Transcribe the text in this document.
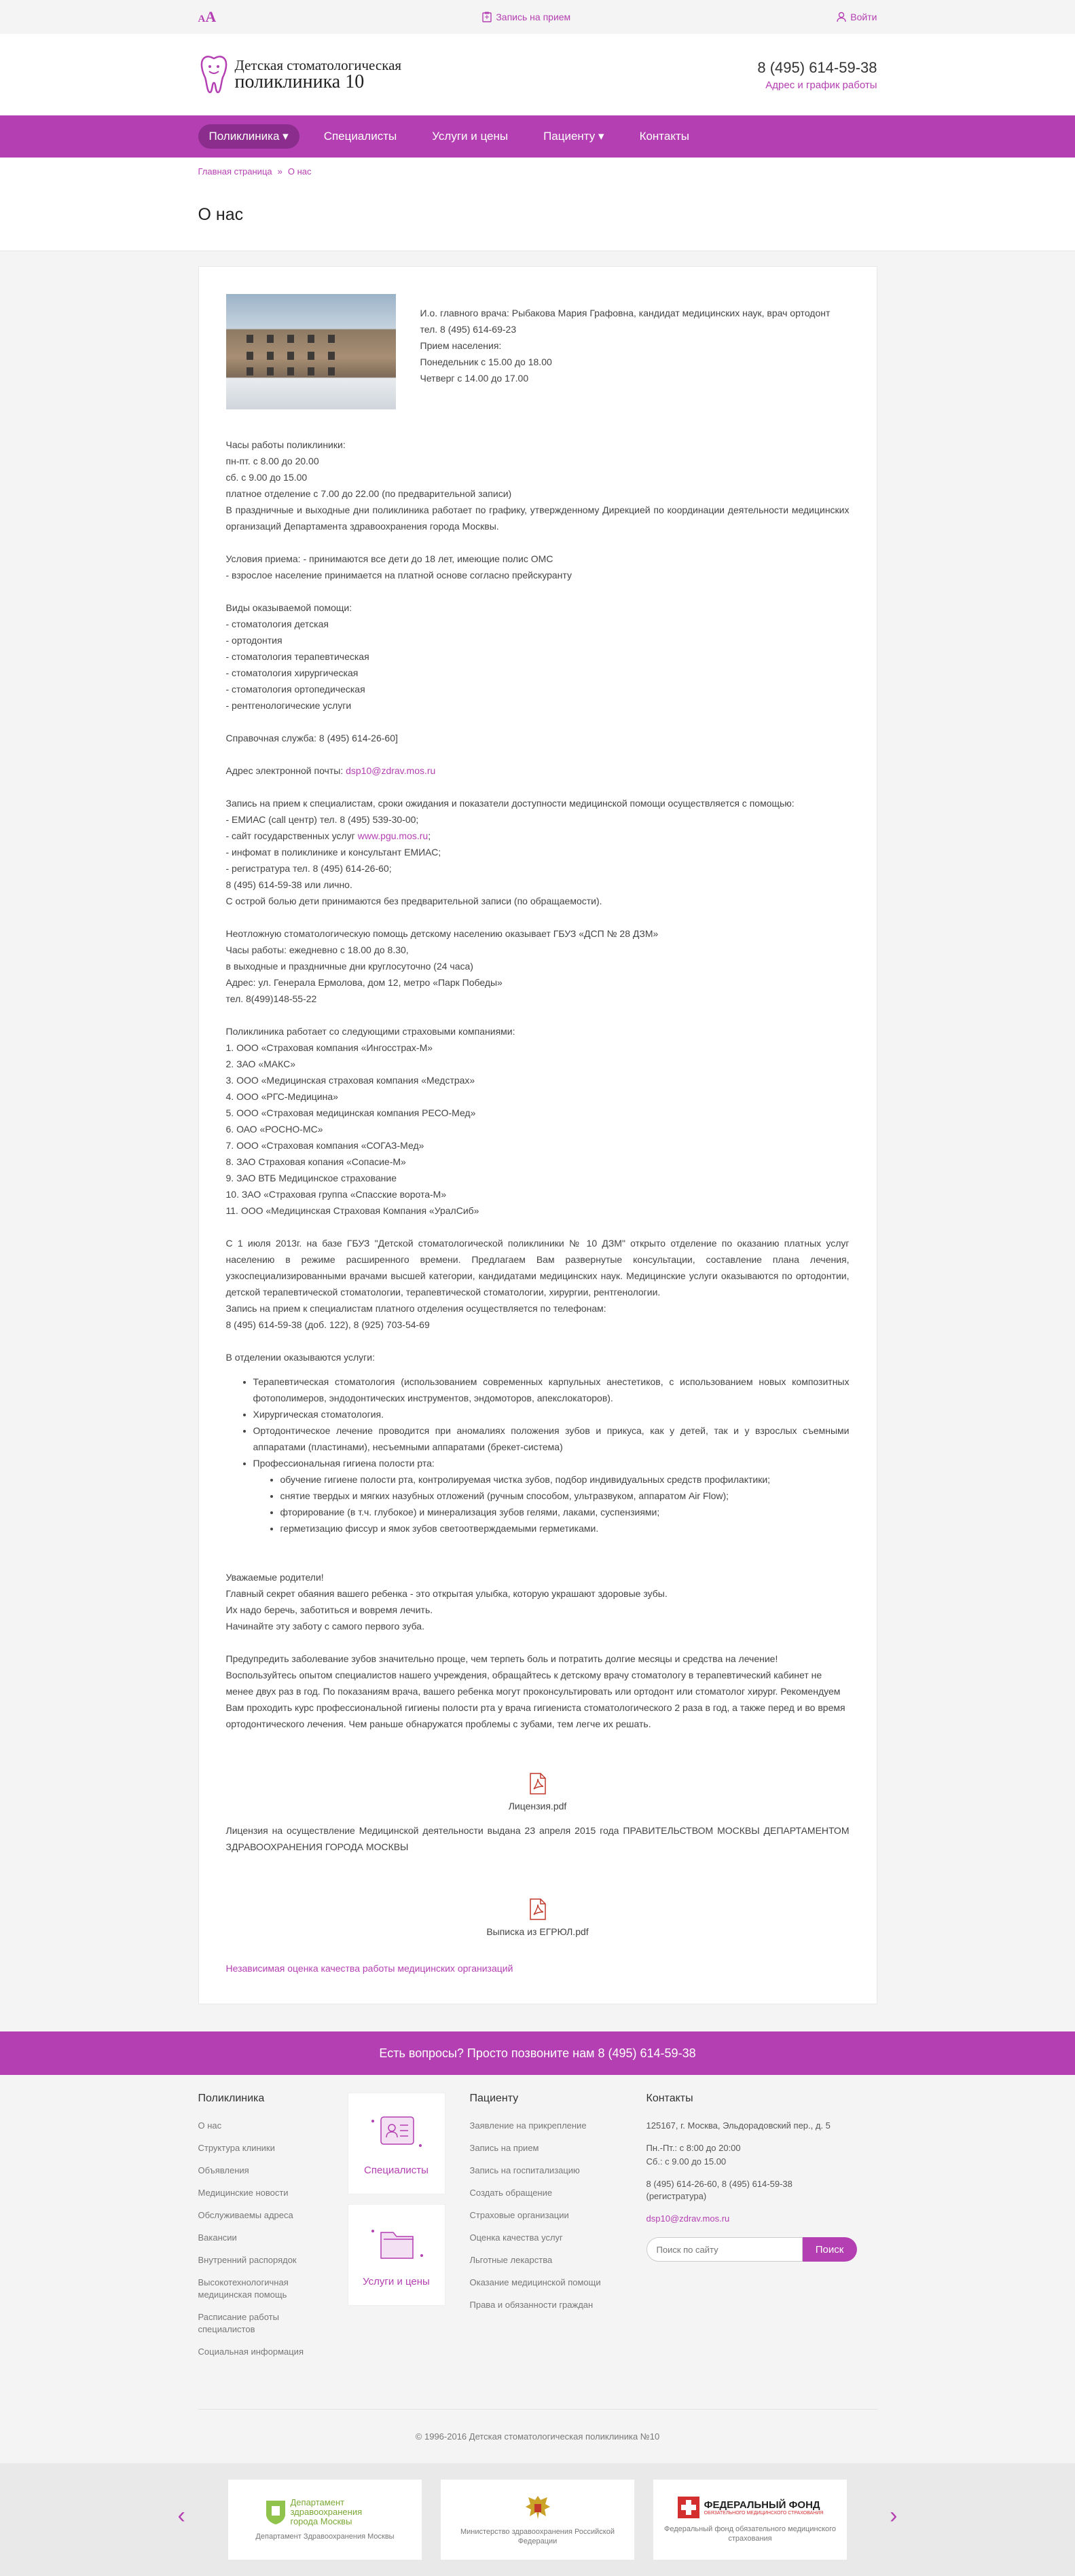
AA	Запись на прием	Войти
Детская стоматологическая
поликлиника 10
8 (495) 614-59-38
Адрес и график работы
Поликлиника ▾	Специалисты	Услуги и цены	Пациенту ▾	Контакты
Главная страница » О нас
О нас

И.о. главного врача: Рыбакова Мария Графовна, кандидат медицинских наук, врач ортодонт

тел. 8 (495) 614-69-23

Прием населения:

Понедельник с 15.00 до 18.00

Четверг с 14.00 до 17.00

Часы работы поликлиники:

пн-пт. с 8.00 до 20.00

сб. с 9.00 до 15.00

платное отделение с 7.00 до 22.00 (по предварительной записи)

В праздничные и выходные дни поликлиника работает по графику, утвержденному Дирекцией по координации деятельности медицинских организаций Департамента здравоохранения города Москвы.

Условия приема: - принимаются все дети до 18 лет, имеющие полис ОМС

- взрослое население принимается на платной основе согласно прейскуранту

Виды оказываемой помощи:

- стоматология детская

- ортодонтия

- стоматология терапевтическая

- стоматология хирургическая

- стоматология ортопедическая

- рентгенологические услуги

Справочная служба: 8 (495) 614-26-60]

Адрес электронной почты: dsp10@zdrav.mos.ru

Запись на прием к специалистам, сроки ожидания и показатели доступности медицинской помощи осуществляется с помощью:

- ЕМИАС (call центр) тел. 8 (495) 539-30-00;

- сайт государственных услуг www.pgu.mos.ru;

- инфомат в поликлинике и консультант ЕМИАС;

- регистратура тел. 8 (495) 614-26-60;

8 (495) 614-59-38 или лично.

С острой болью дети принимаются без предварительной записи (по обращаемости).

Неотложную стоматологическую помощь детскому населению оказывает ГБУЗ «ДСП № 28 ДЗМ»

Часы работы: ежедневно с 18.00 до 8.30,

в выходные и праздничные дни круглосуточно (24 часа)

Адрес: ул. Генерала Ермолова, дом 12, метро «Парк Победы»

тел. 8(499)148-55-22

Поликлиника работает со следующими страховыми компаниями:

1. ООО «Страховая компания «Ингосстрах-М»

2. ЗАО «МАКС»

3. ООО «Медицинская страховая компания «Медстрах»

4. ООО «РГС-Медицина»

5. ООО «Страховая медицинская компания РЕСО-Мед»

6. ОАО «РОСНО-МС»

7. ООО «Страховая компания «СОГАЗ-Мед»

8. ЗАО Страховая копания «Сопасие-М»

9. ЗАО ВТБ Медицинское страхование

10. ЗАО «Страховая группа «Спасские ворота-М»

11. ООО «Медицинская Страховая Компания «УралСиб»

С 1 июля 2013г. на базе ГБУЗ "Детской стоматологической поликлиники № 10 ДЗМ" открыто отделение по оказанию платных услуг населению в режиме расширенного времени. Предлагаем Вам развернутые консультации, составление плана лечения, узкоспециализированными врачами высшей категории, кандидатами медицинских наук. Медицинские услуги оказываются по ортодонтии, детской терапевтической стоматологии, терапевтической стоматологии, хирургии, рентгенологии.

Запись на прием к специалистам платного отделения осуществляется по телефонам:

8 (495) 614-59-38 (доб. 122), 8 (925) 703-54-69

В отделении оказываются услуги:

• Терапевтическая стоматология (использованием современных карпульных анестетиков, с использованием новых композитных фотополимеров, эндодонтических инструментов, эндомоторов, апекслокаторов).
• Хирургическая стоматология.
• Ортодонтическое лечение проводится при аномалиях положения зубов и прикуса, как у детей, так и у взрослых съемными аппаратами (пластинами), несъемными аппаратами (брекет-система)
• Профессиональная гигиена полости рта:
• обучение гигиене полости рта, контролируемая чистка зубов, подбор индивидуальных средств профилактики;
• снятие твердых и мягких назубных отложений (ручным способом, ультразвуком, аппаратом Air Flow);
• фторирование (в т.ч. глубокое) и минерализация зубов гелями, лаками, суспензиями;
• герметизацию фиссур и ямок зубов светоотверждаемыми герметиками.

Уважаемые родители!

Главный секрет обаяния вашего ребенка - это открытая улыбка, которую украшают здоровые зубы.

Их надо беречь, заботиться и вовремя лечить.

Начинайте эту заботу с самого первого зуба.

Предупредить заболевание зубов значительно проще, чем терпеть боль и потратить долгие месяцы и средства на лечение! Воспользуйтесь опытом специалистов нашего учреждения, обращайтесь к детскому врачу стоматологу в терапевтический кабинет не менее двух раз в год. По показаниям врача, вашего ребенка могут проконсультировать или ортодонт или стоматолог хирург. Рекомендуем Вам проходить курс профессиональной гигиены полости рта у врача гигиениста стоматологического 2 раза в год, а также перед и во время ортодонтического лечения. Чем раньше обнаружатся проблемы с зубами, тем легче их решать.

Лицензия.pdf

Лицензия на осуществление Медицинской деятельности выдана 23 апреля 2015 года ПРАВИТЕЛЬСТВОМ МОСКВЫ ДЕПАРТАМЕНТОМ ЗДРАВООХРАНЕНИЯ ГОРОДА МОСКВЫ

Выписка из ЕГРЮЛ.pdf

Независимая оценка качества работы медицинских организаций

Есть вопросы? Просто позвоните нам 8 (495) 614-59-38
Поликлиника
О нас
Структура клиники
Объявления
Медицинские новости
Обслуживаемы адреса
Вакансии
Внутренний распорядок
Высокотехнологичная медицинская помощь
Расписание работы специалистов
Социальная информация
Специалисты
Услуги и цены
Пациенту
Заявление на прикрепление
Запись на прием
Запись на госпитализацию
Создать обращение
Страховые организации
Оценка качества услуг
Льготные лекарства
Оказание медицинской помощи
Права и обязанности граждан
Контакты

125167, г. Москва, Эльдорадовский пер., д. 5

Пн.-Пт.: с 8:00 до 20:00

Сб.: с 9.00 до 15.00

8 (495) 614-26-60, 8 (495) 614-59-38 (регистратура)

dsp10@zdrav.mos.ru
Поиск по сайту
Поиск
© 1996-2016 Детская стоматологическая поликлиника №10
‹
Департамент здравоохранения города Москвы
Департамент Здравоохранения Москвы
Министерство здравоохранения Российской Федерации
ФЕДЕРАЛЬНЫЙ ФОНД
ОБЯЗАТЕЛЬНОГО МЕДИЦИНСКОГО СТРАХОВАНИЯ
Федеральный фонд обязательного медицинского страхования
›
